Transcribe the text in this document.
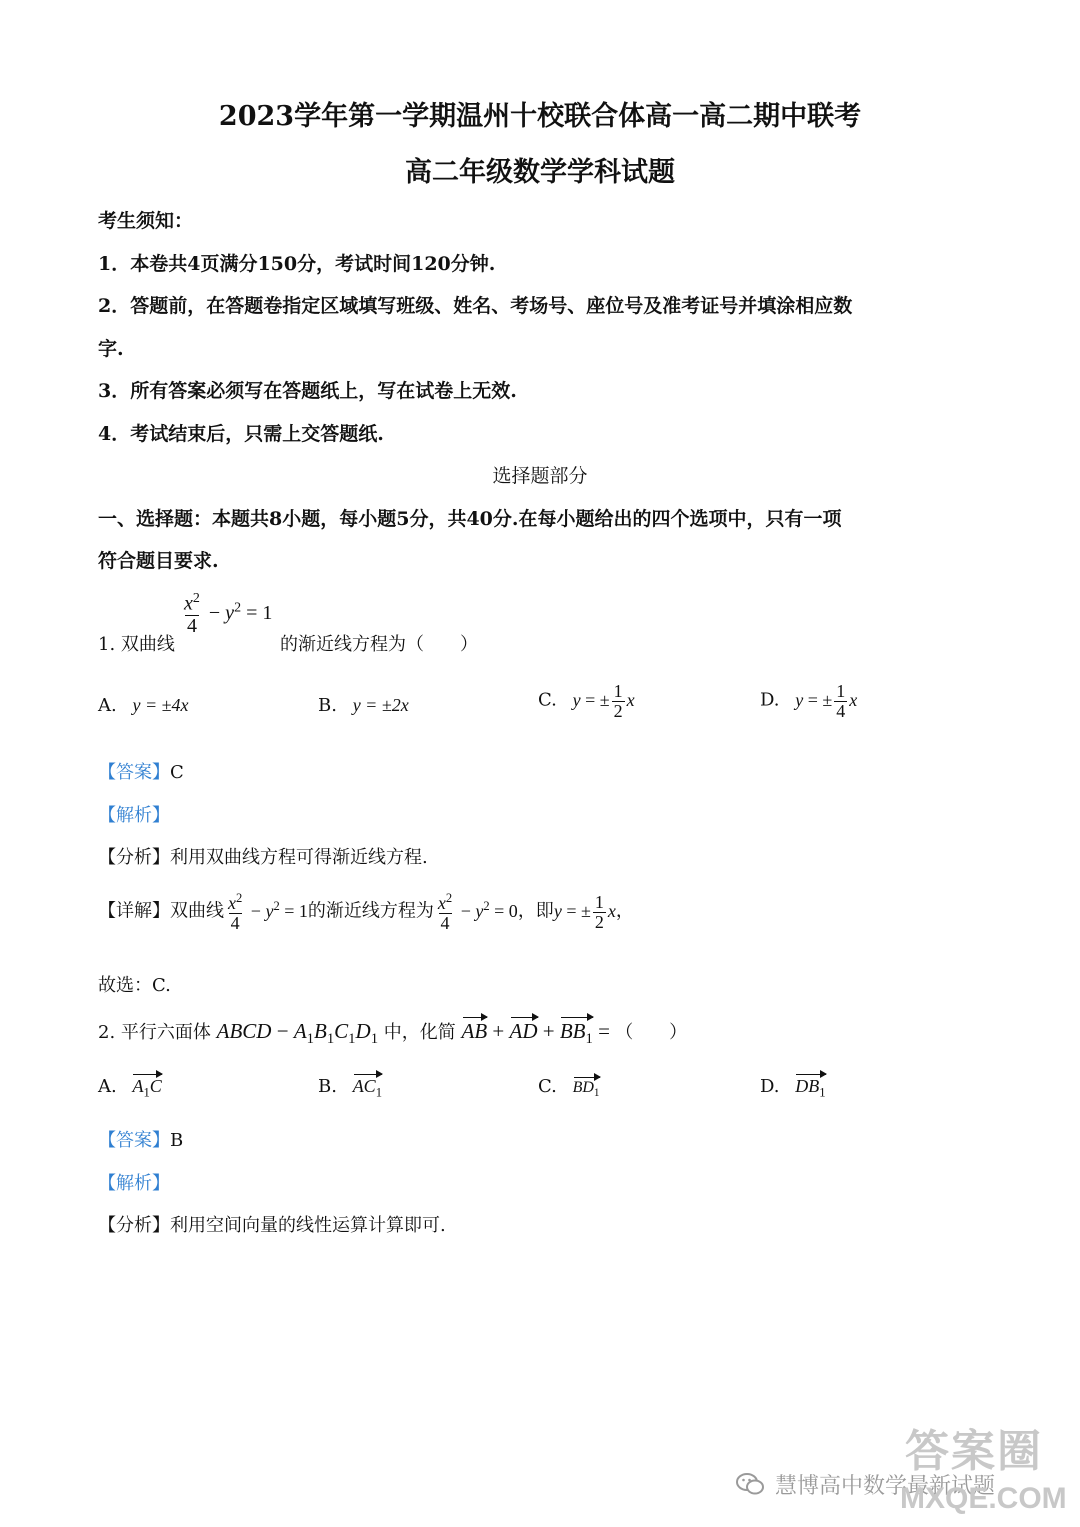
2023学年第一学期温州十校联合体高一高二期中联考
高二年级数学学科试题
考生须知：
1．本卷共4页满分150分，考试时间120分钟.
2．答题前，在答题卷指定区域填写班级、姓名、考场号、座位号及准考证号并填涂相应数
字.
3．所有答案必须写在答题纸上，写在试卷上无效.
4．考试结束后，只需上交答题纸.
选择题部分
一、选择题：本题共8小题，每小题5分，共40分.在每小题给出的四个选项中，只有一项
符合题目要求.
1. 双曲线
$\frac{x^2}{4} - y^2 = 1$
的渐近线方程为（　　）
A. y = ±4x	B. y = ±2x	C. y = ± $\frac{1}{2}$ x	D. y = ± $\frac{1}{4}$ x
【答案】C
【解析】
【分析】利用双曲线方程可得渐近线方程.
【详解】双曲线 $\frac{x^2}{4} - y^2 = 1$的渐近线方程为 $\frac{x^2}{4} - y^2 = 0$，即y = ± $\frac{1}{2}$ x，
故选：C.
2. 平行六面体 ABCD − $A_1B_1C_1D_1$ 中，化简 AB + AD + $BB_1$ = （　　）
A. $A_1C$	B. $AC_1$	C. $BD_1$	D. $DB_1$
【答案】B
【解析】
【分析】利用空间向量的线性运算计算即可.
慧博高中数学最新试题
答案圈
MXQE.COM
